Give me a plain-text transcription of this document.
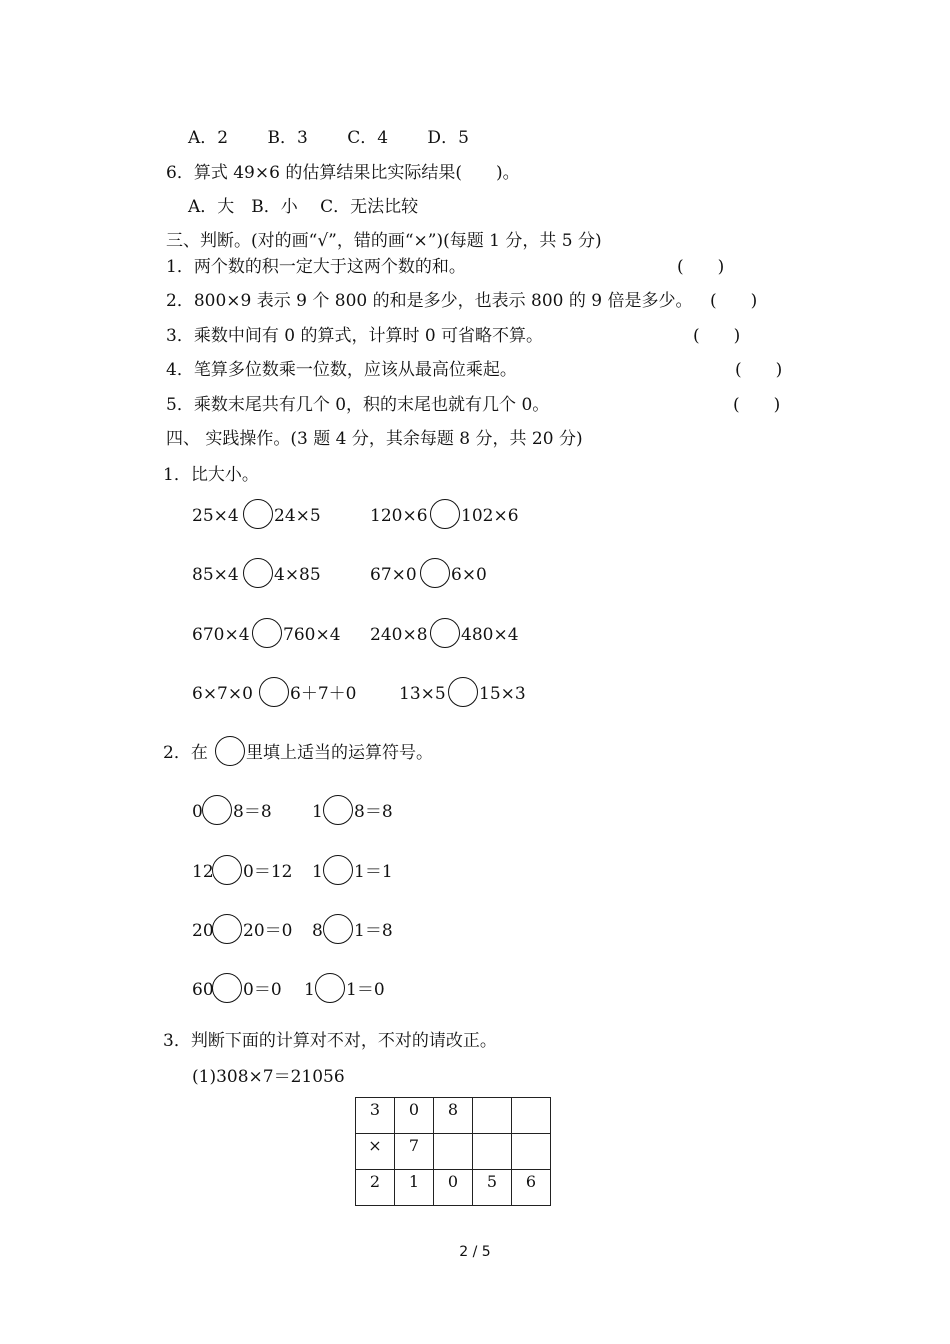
A．2　　 B．3　　 C．4　　 D．5
6．算式 49×6 的估算结果比实际结果(　　)。
A．大　B．小　 C．无法比较
三、判断。(对的画“√”，错的画“×”)(每题 1 分，共 5 分)
1．两个数的积一定大于这两个数的和。	(　　)
2．800×9 表示 9 个 800 的和是多少，也表示 800 的 9 倍是多少。 (　　)
3．乘数中间有 0 的算式，计算时 0 可省略不算。	(　　)
4．笔算多位数乘一位数，应该从最高位乘起。	(　　)
5．乘数末尾共有几个 0，积的末尾也就有几个 0。	(　　)
四、 实践操作。(3 题 4 分，其余每题 8 分，共 20 分)
1．比大小。
25×4 24×5	120×6 102×6
85×4 4×85	67×0 6×0
670×4 760×4 240×8 480×4
6×7×0 6＋7＋0	13×5 15×3
2．在 里填上适当的运算符号。
0 8＝8 1 8＝8
12 0＝12 1 1＝1
20 20＝0 8 1＝8
60 0＝0 1 1＝0
3．判断下面的计算对不对，不对的请改正。
(1)308×7＝21056
3	0	8		
×	7			
2	1	0	5	6
2 / 5
